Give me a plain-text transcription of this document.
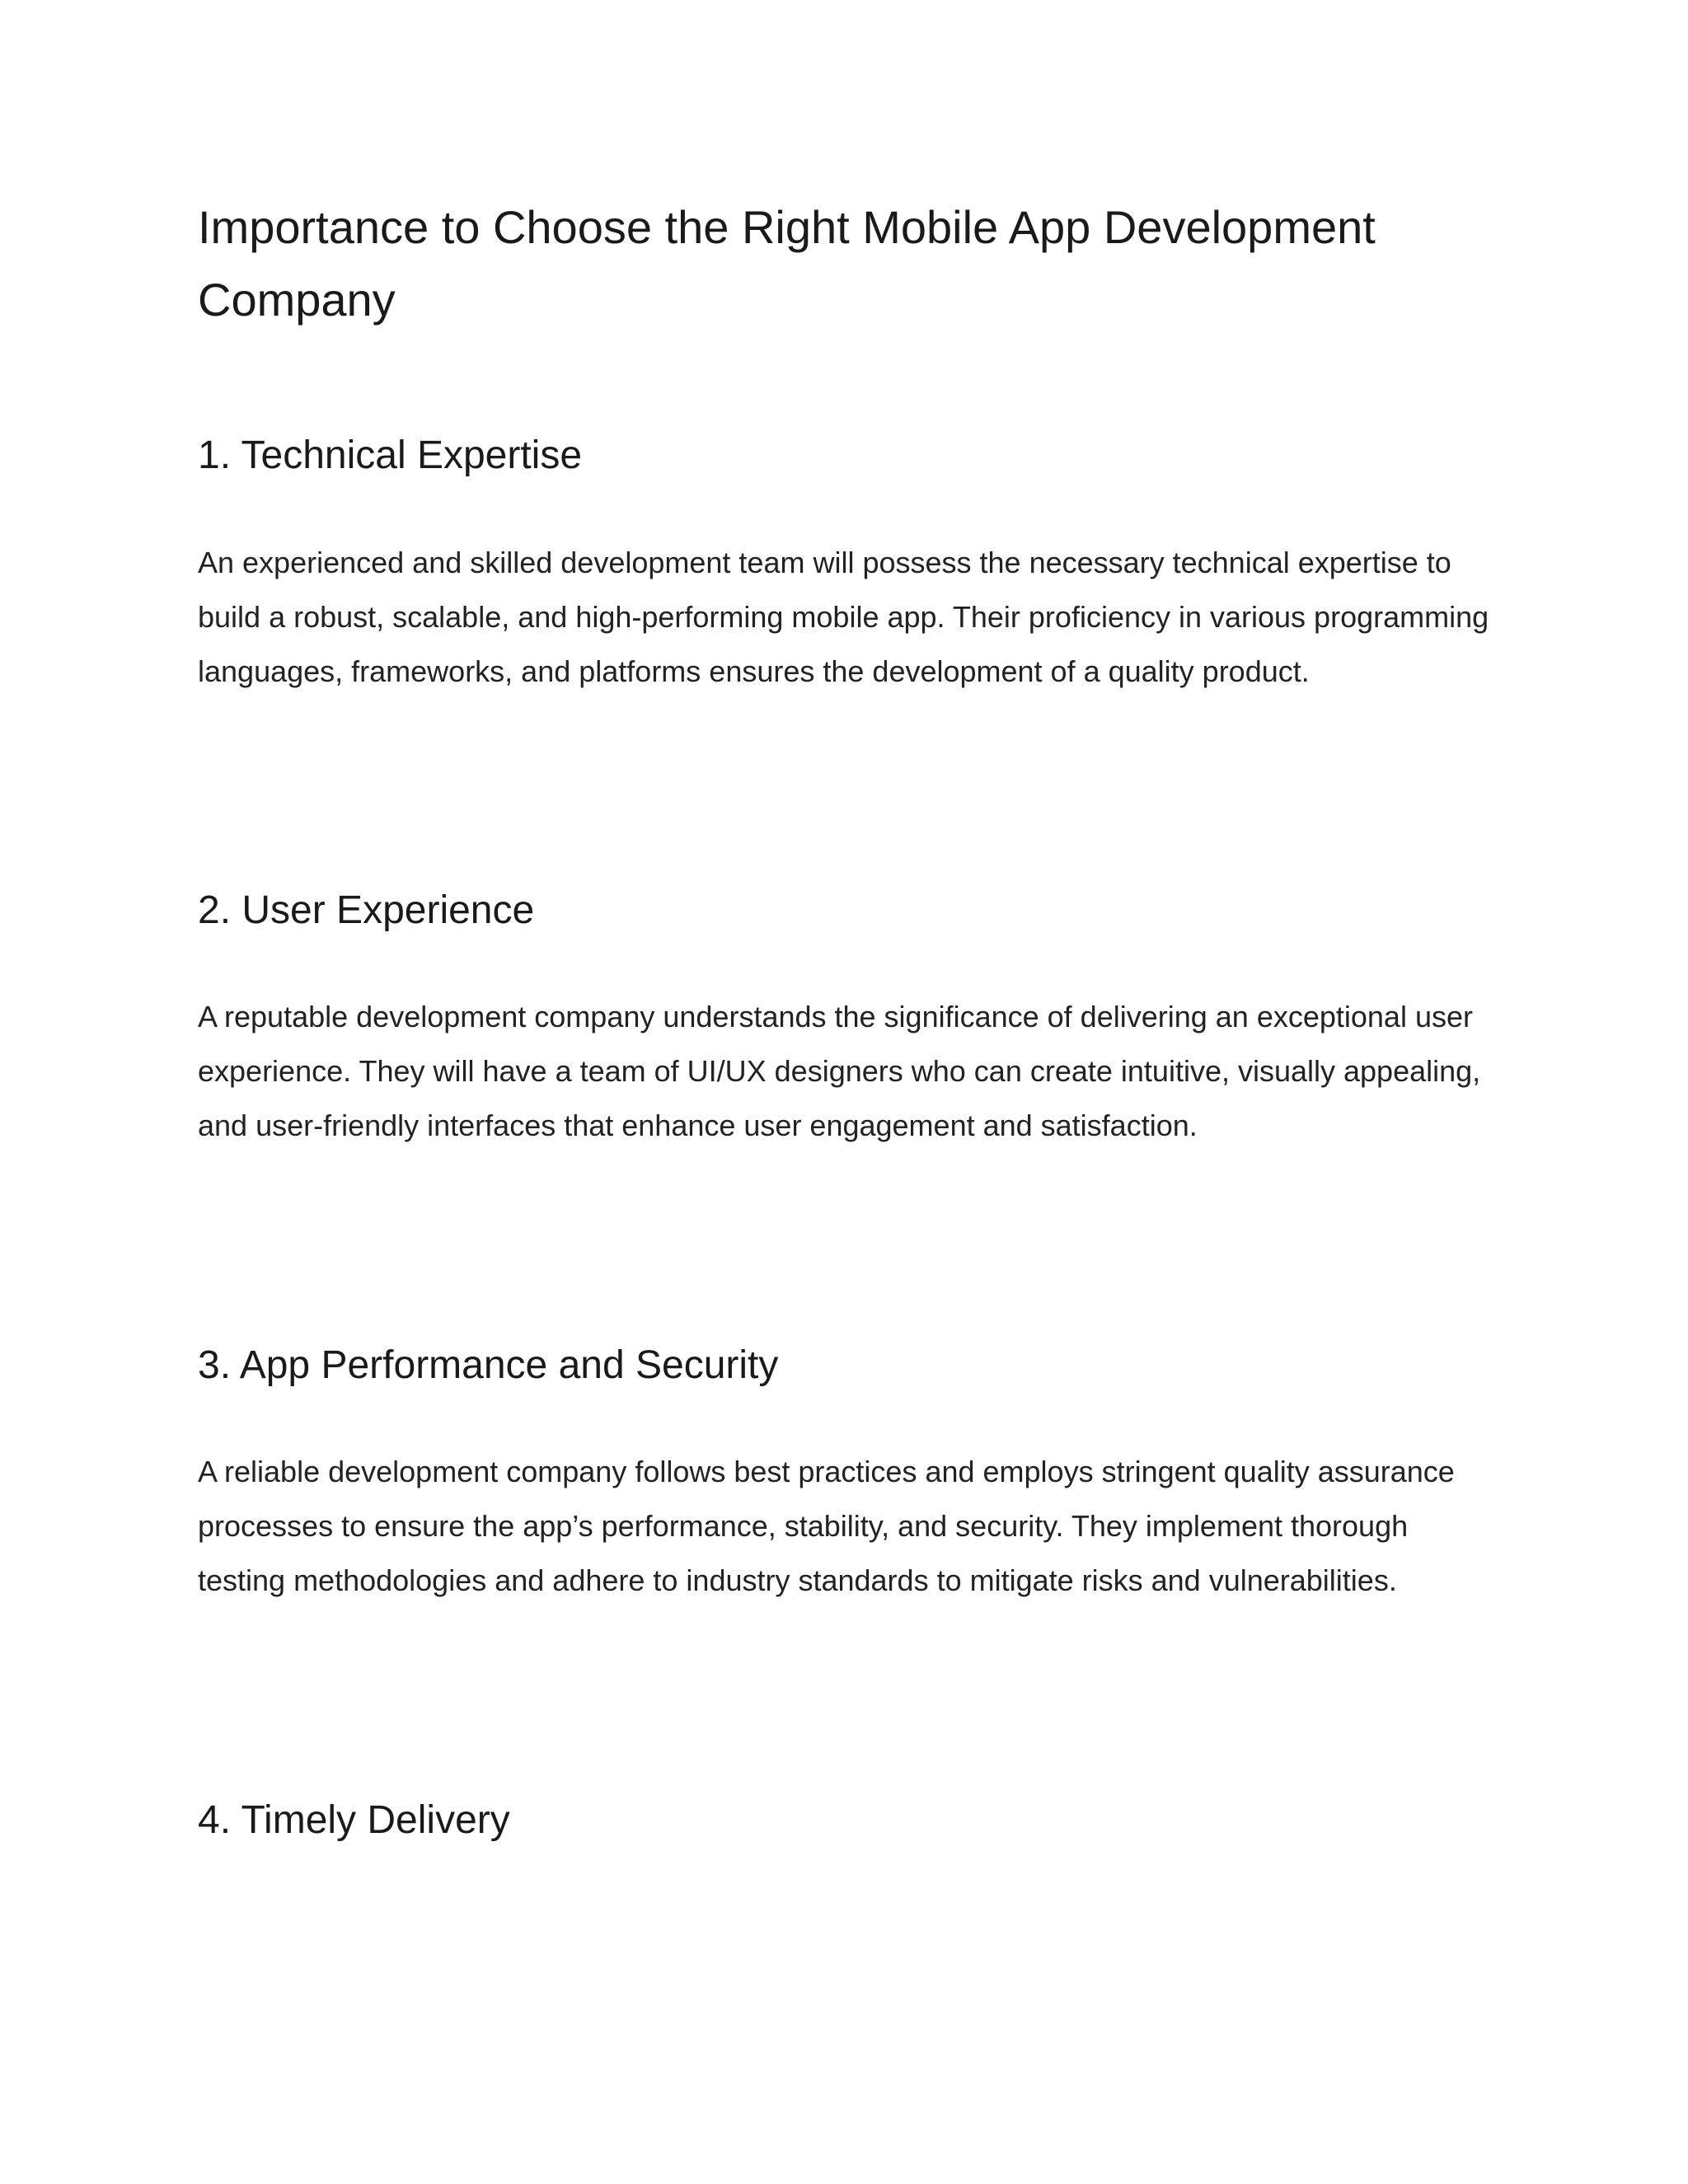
Importance to Choose the Right Mobile App Development Company
1. Technical Expertise

An experienced and skilled development team will possess the necessary technical expertise to build a robust, scalable, and high-performing mobile app. Their proficiency in various programming languages, frameworks, and platforms ensures the development of a quality product.

2. User Experience

A reputable development company understands the significance of delivering an exceptional user experience. They will have a team of UI/UX designers who can create intuitive, visually appealing, and user-friendly interfaces that enhance user engagement and satisfaction.

3. App Performance and Security

A reliable development company follows best practices and employs stringent quality assurance processes to ensure the app’s performance, stability, and security. They implement thorough testing methodologies and adhere to industry standards to mitigate risks and vulnerabilities.

4. Timely Delivery
